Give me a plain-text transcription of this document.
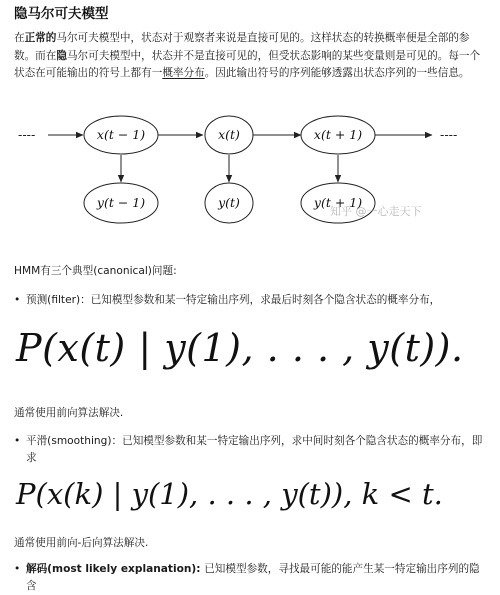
隐马尔可夫模型

在正常的马尔可夫模型中，状态对于观察者来说是直接可见的。这样状态的转换概率便是全部的参数。而在隐马尔可夫模型中，状态并不是直接可见的，但受状态影响的某些变量则是可见的。每一个状态在可能输出的符号上都有一概率分布。因此输出符号的序列能够透露出状态序列的一些信息。

----	----
x(t − 1)	x(t)	x(t + 1)
y(t − 1)	y(t)	y(t + 1)
知乎 @一心走天下
HMM有三个典型(canonical)问题:
• 预测(filter)：已知模型参数和某一特定输出序列，求最后时刻各个隐含状态的概率分布，
P(x(t) | y(1), . . . , y(t)).
通常使用前向算法解决.
• 平滑(smoothing)：已知模型参数和某一特定输出序列，求中间时刻各个隐含状态的概率分布，即求
P(x(k) | y(1), . . . , y(t)), k < t.
通常使用前向-后向算法解决.
• 解码(most likely explanation): 已知模型参数，寻找最可能的能产生某一特定输出序列的隐含
